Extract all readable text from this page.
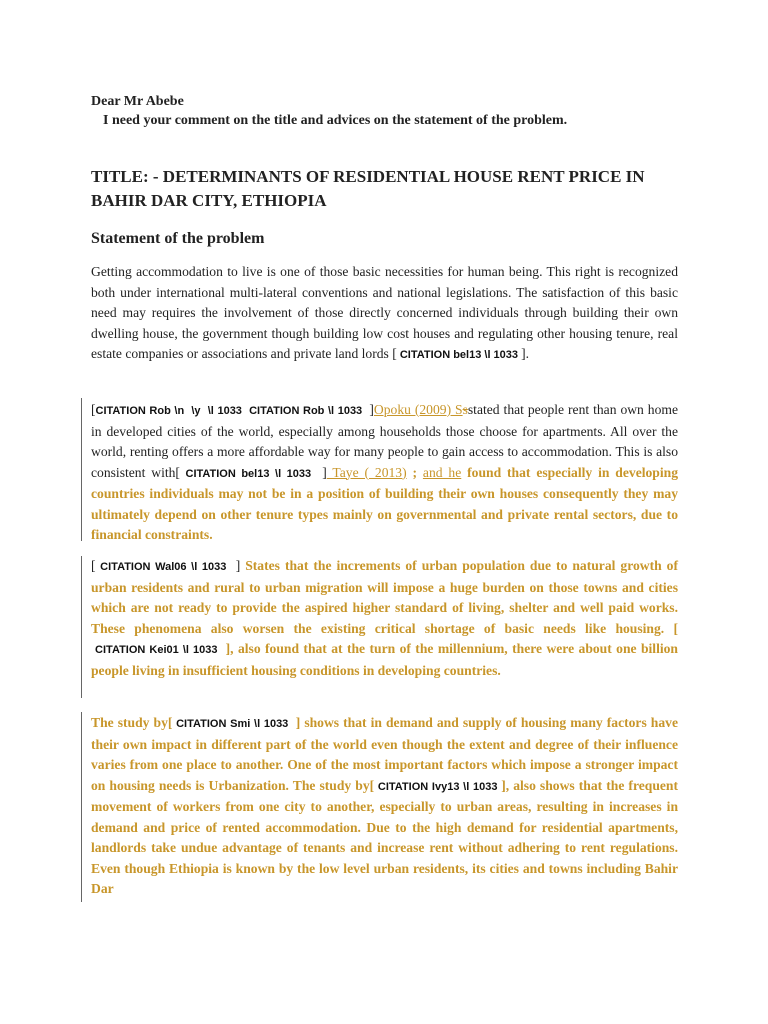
Dear Mr Abebe

I need your comment on the title and advices on the statement of the problem.

TITLE: - DETERMINANTS OF RESIDENTIAL HOUSE RENT PRICE IN BAHIR DAR CITY, ETHIOPIA

Statement of the problem

Getting accommodation to live is one of those basic necessities for human being. This right is recognized both under international multi-lateral conventions and national legislations. The satisfaction of this basic need may requires the involvement of those directly concerned individuals through building their own dwelling house, the government though building low cost houses and regulating other housing tenure, real estate companies or associations and private land lords [ CITATION bel13 \l 1033 ].

[CITATION Rob \n  \y  \l 1033  CITATION Rob \l 1033  ]Opoku (2009) Ssstated that people rent than own home in developed cities of the world, especially among households those choose for apartments. All over the world, renting offers a more affordable way for many people to gain access to accommodation. This is also consistent with[ CITATION bel13 \l 1033  ] Taye ( 2013) ; and he found that especially in developing countries individuals may not be in a position of building their own houses consequently they may ultimately depend on other tenure types mainly on governmental and private rental sectors, due to financial constraints.

[ CITATION Wal06 \l 1033  ] States that the increments of urban population due to natural growth of urban residents and rural to urban migration will impose a huge burden on those towns and cities which are not ready to provide the aspired higher standard of living, shelter and well paid works. These phenomena also worsen the existing critical shortage of basic needs like housing. [ CITATION Kei01 \l 1033  ], also found that at the turn of the millennium, there were about one billion people living in insufficient housing conditions in developing countries.

The study by[ CITATION Smi \l 1033  ] shows that in demand and supply of housing many factors have their own impact in different part of the world even though the extent and degree of their influence varies from one place to another. One of the most important factors which impose a stronger impact on housing needs is Urbanization. The study by[ CITATION Ivy13 \l 1033 ], also shows that the frequent movement of workers from one city to another, especially to urban areas, resulting in increases in demand and price of rented accommodation. Due to the high demand for residential apartments, landlords take undue advantage of tenants and increase rent without adhering to rent regulations. Even though Ethiopia is known by the low level urban residents, its cities and towns including Bahir Dar
